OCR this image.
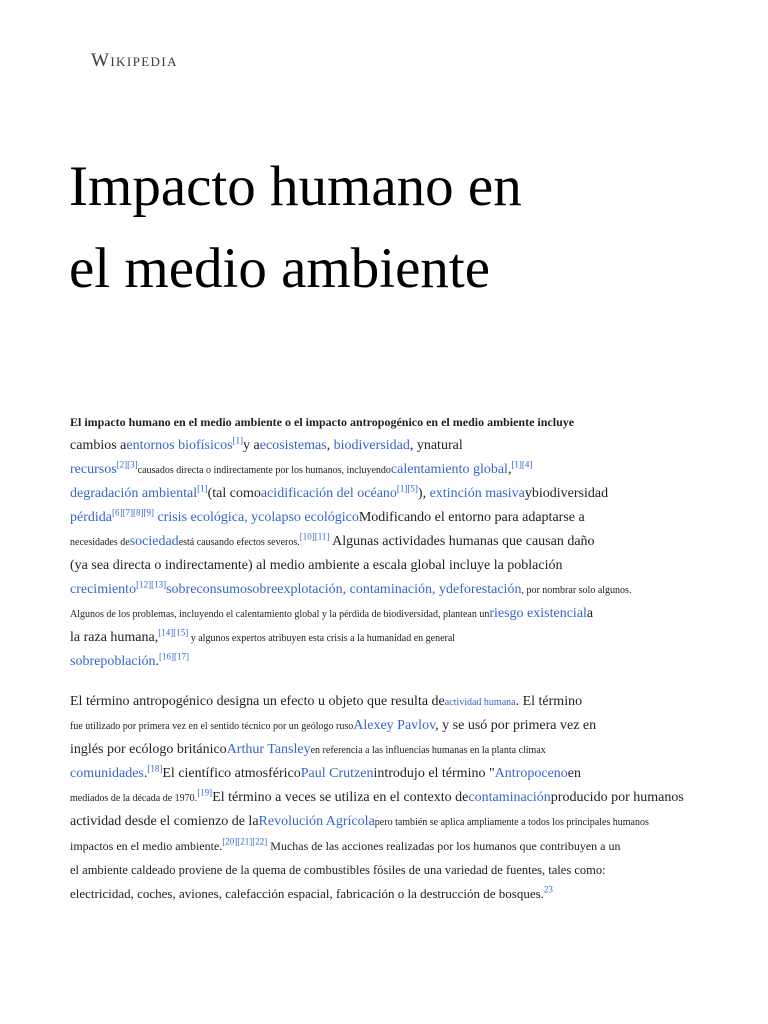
Wikipedia
Impacto humano en
el medio ambiente
El impacto humano en el medio ambiente o el impacto antropogénico en el medio ambiente incluye
cambios aentornos biofísicos[1]y aecosistemas, biodiversidad, ynatural
recursos[2][3]causados directa o indirectamente por los humanos, incluyendocalentamiento global,[1][4]
degradación ambiental[1](tal comoacidificación del océano[1][5]), extinción masivaybiodiversidad
pérdida[6][7][8][9] crisis ecológica, ycolapso ecológicoModificando el entorno para adaptarse a
necesidades desociedadestá causando efectos severos.[10][11] Algunas actividades humanas que causan daño
(ya sea directa o indirectamente) al medio ambiente a escala global incluye la población
crecimiento[12][13]sobreconsumosobreexplotación, contaminación, ydeforestación, por nombrar solo algunos.
Algunos de los problemas, incluyendo el calentamiento global y la pérdida de biodiversidad, plantean unriesgo existenciala
la raza humana,[14][15] y algunos expertos atribuyen esta crisis a la humanidad en general
sobrepoblación.[16][17]
El término antropogénico designa un efecto u objeto que resulta deactividad humana. El término
fue utilizado por primera vez en el sentido técnico por un geólogo rusoAlexey Pavlov, y se usó por primera vez en
inglés por ecólogo británicoArthur Tansleyen referencia a las influencias humanas en la planta clímax
comunidades.[18]El científico atmosféricoPaul Crutzenintrodujo el término "Antropocenoen
mediados de la década de 1970.[19]El término a veces se utiliza en el contexto decontaminaciónproducido por humanos
actividad desde el comienzo de laRevolución Agrícolapero también se aplica ampliamente a todos los principales humanos
impactos en el medio ambiente.[20][21][22] Muchas de las acciones realizadas por los humanos que contribuyen a un
el ambiente caldeado proviene de la quema de combustibles fósiles de una variedad de fuentes, tales como:
electricidad, coches, aviones, calefacción espacial, fabricación o la destrucción de bosques.$^{23}$
